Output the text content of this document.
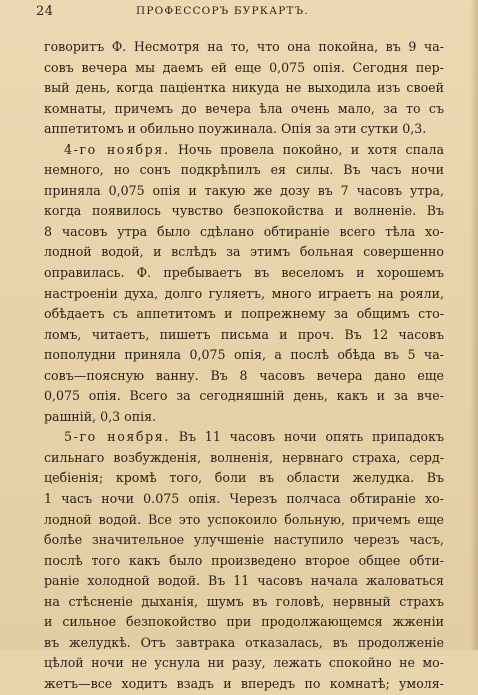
24	ПРОФЕССОРЪ БУРКАРТЪ.
говоритъ Ф. Несмотря на то, что она покойна, въ 9 ча-
совъ вечера мы даемъ ей еще 0,075 опія. Сегодня пер-
вый день, когда паціентка никуда не выходила изъ своей
комнаты, причемъ до вечера ѣла очень мало, за то съ
аппетитомъ и обильно поужинала. Опія за эти сутки 0,3.
4-го ноября. Ночь провела покойно, и хотя спала
немного, но сонъ подкрѣпилъ ея силы. Въ часъ ночи
приняла 0,075 опія и такую же дозу въ 7 часовъ утра,
когда появилось чувство безпокойства и волненіе. Въ
8 часовъ утра было сдѣлано обтираніе всего тѣла хо-
лодной водой, и вслѣдъ за этимъ больная совершенно
оправилась. Ф. пребываетъ въ веселомъ и хорошемъ
настроеніи духа, долго гуляетъ, много играетъ на рояли,
обѣдаетъ съ аппетитомъ и попрежнему за общимъ сто-
ломъ, читаетъ, пишетъ письма и проч. Въ 12 часовъ
пополудни приняла 0,075 опія, а послѣ обѣда въ 5 ча-
совъ—поясную ванну. Въ 8 часовъ вечера дано еще
0,075 опія. Всего за сегодняшній день, какъ и за вче-
рашній, 0,3 опія.
5-го ноября. Въ 11 часовъ ночи опять припадокъ
сильнаго возбужденія, волненія, нервнаго страха, серд-
цебіенія; кромѣ того, боли въ области желудка. Въ
1 часъ ночи 0.075 опія. Черезъ полчаса обтираніе хо-
лодной водой. Все это успокоило больную, причемъ еще
болѣе значительное улучшеніе наступило черезъ часъ,
послѣ того какъ было произведено второе общее обти-
раніе холодной водой. Въ 11 часовъ начала жаловаться
на стѣсненіе дыханія, шумъ въ головѣ, нервный страхъ
и сильное безпокойство при продолжающемся жженіи
въ желудкѣ. Отъ завтрака отказалась, въ продолженіе
цѣлой ночи не уснула ни разу, лежать спокойно не мо-
жетъ—все ходитъ взадъ и впередъ по комнатѣ; умоля-
